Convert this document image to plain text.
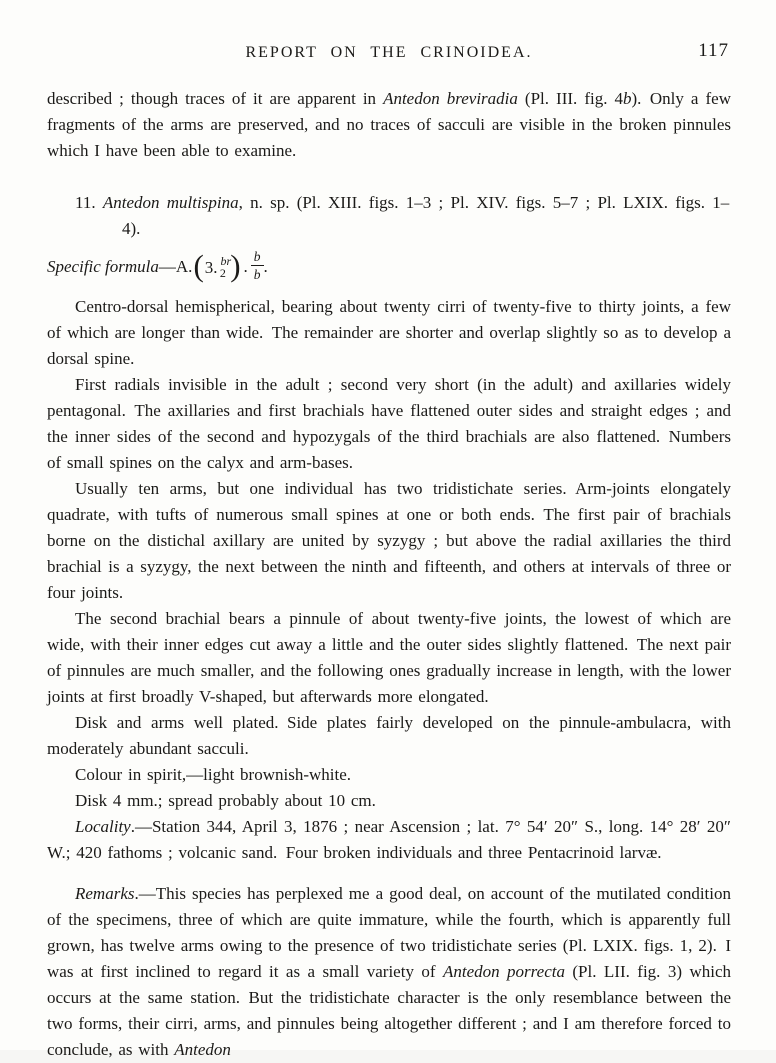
REPORT ON THE CRINOIDEA.	117

described ; though traces of it are apparent in Antedon breviradia (Pl. III. fig. 4b). Only a few fragments of the arms are preserved, and no traces of sacculi are visible in the broken pinnules which I have been able to examine.

11. Antedon multispina, n. sp. (Pl. XIII. figs. 1–3 ; Pl. XIV. figs. 5–7 ; Pl. LXIX. figs. 1–4).

Specific formula — A. ( 3. br
2 ) . $\frac{b}{b}$ .

Centro-dorsal hemispherical, bearing about twenty cirri of twenty-five to thirty joints, a few of which are longer than wide. The remainder are shorter and overlap slightly so as to develop a dorsal spine.

First radials invisible in the adult ; second very short (in the adult) and axillaries widely pentagonal. The axillaries and first brachials have flattened outer sides and straight edges ; and the inner sides of the second and hypozygals of the third brachials are also flattened. Numbers of small spines on the calyx and arm-bases.

Usually ten arms, but one individual has two tridistichate series. Arm-joints elongately quadrate, with tufts of numerous small spines at one or both ends. The first pair of brachials borne on the distichal axillary are united by syzygy ; but above the radial axillaries the third brachial is a syzygy, the next between the ninth and fifteenth, and others at intervals of three or four joints.

The second brachial bears a pinnule of about twenty-five joints, the lowest of which are wide, with their inner edges cut away a little and the outer sides slightly flattened. The next pair of pinnules are much smaller, and the following ones gradually increase in length, with the lower joints at first broadly V-shaped, but afterwards more elongated.

Disk and arms well plated. Side plates fairly developed on the pinnule-ambulacra, with moderately abundant sacculi.

Colour in spirit,—light brownish-white.

Disk 4 mm.; spread probably about 10 cm.

Locality.—Station 344, April 3, 1876 ; near Ascension ; lat. 7° 54′ 20″ S., long. 14° 28′ 20″ W.; 420 fathoms ; volcanic sand. Four broken individuals and three Pentacrinoid larvæ.

Remarks.—This species has perplexed me a good deal, on account of the mutilated condition of the specimens, three of which are quite immature, while the fourth, which is apparently full grown, has twelve arms owing to the presence of two tridistichate series (Pl. LXIX. figs. 1, 2). I was at first inclined to regard it as a small variety of Antedon porrecta (Pl. LII. fig. 3) which occurs at the same station. But the tridistichate character is the only resemblance between the two forms, their cirri, arms, and pinnules being altogether different ; and I am therefore forced to conclude, as with Antedon
